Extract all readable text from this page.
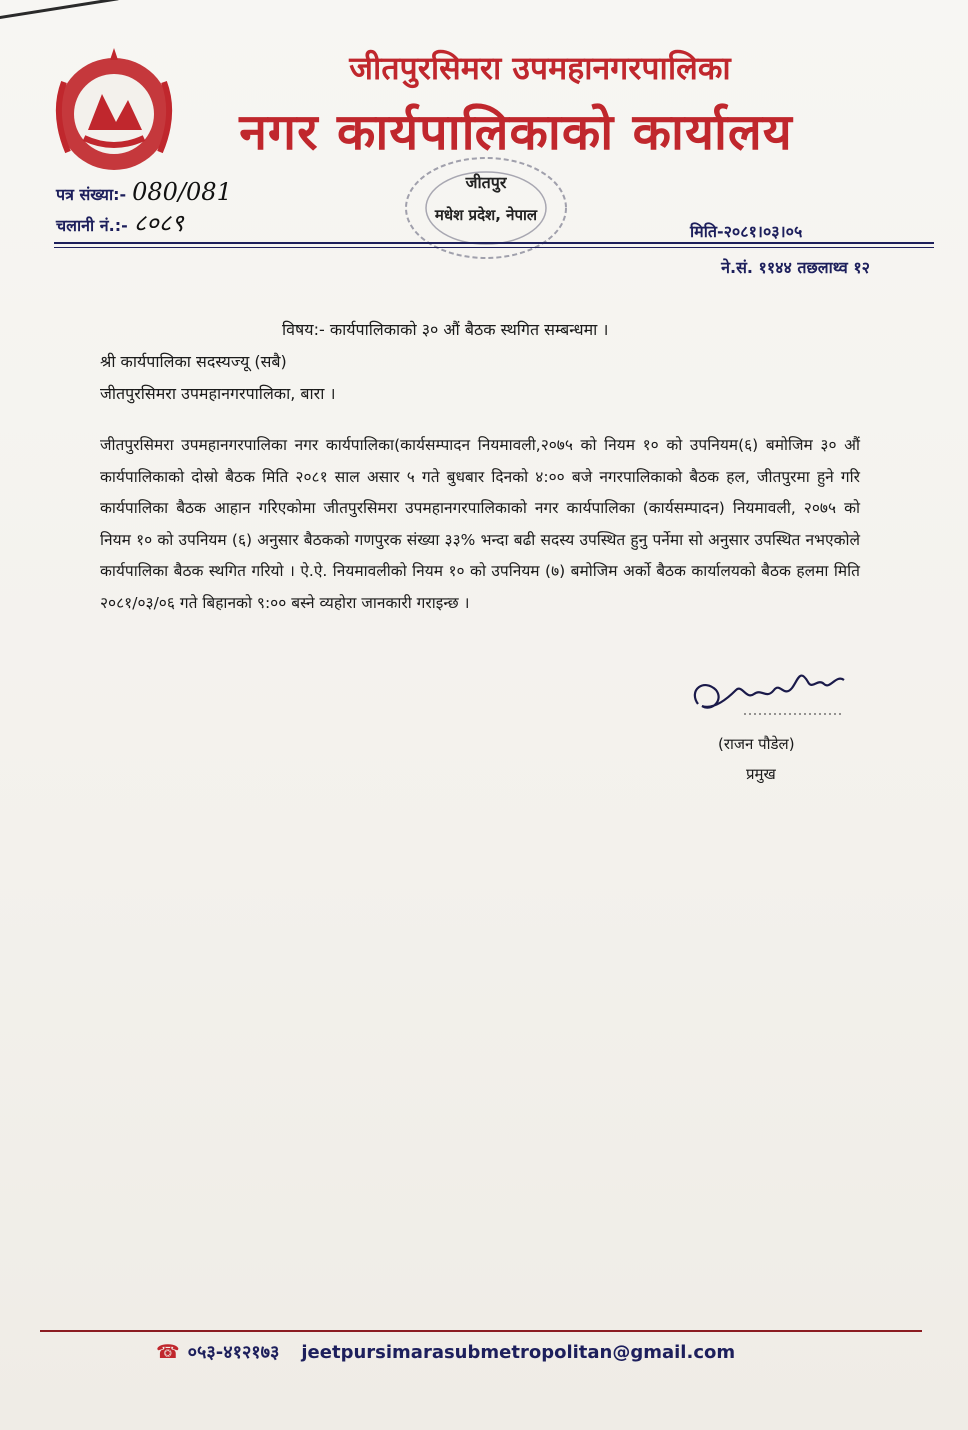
जीतपुरसिमरा उपमहानगरपालिका
नगर कार्यपालिकाको कार्यालय
पत्र संख्या:- 080/081
चलानी नं.:- ८०८९
जीतपुर
मधेश प्रदेश, नेपाल
मिति-२०८१।०३।०५
ने.सं. ११४४ तछलाथ्व १२
विषय:- कार्यपालिकाको ३० औं बैठक स्थगित सम्बन्धमा ।
श्री कार्यपालिका सदस्यज्यू (सबै)
जीतपुरसिमरा उपमहानगरपालिका, बारा ।
जीतपुरसिमरा उपमहानगरपालिका नगर कार्यपालिका(कार्यसम्पादन नियमावली,२०७५ को नियम १० को उपनियम(६) बमोजिम ३० औं कार्यपालिकाको दोस्रो बैठक मिति २०८१ साल असार ५ गते बुधबार दिनको ४:०० बजे नगरपालिकाको बैठक हल, जीतपुरमा हुने गरि कार्यपालिका बैठक आहान गरिएकोमा जीतपुरसिमरा उपमहानगरपालिकाको नगर कार्यपालिका (कार्यसम्पादन) नियमावली, २०७५ को नियम १० को उपनियम (६) अनुसार बैठकको गणपुरक संख्या ३३% भन्दा बढी सदस्य उपस्थित हुनु पर्नेमा सो अनुसार उपस्थित नभएकोले कार्यपालिका बैठक स्थगित गरियो । ऐ.ऐ. नियमावलीको नियम १० को उपनियम (७) बमोजिम अर्को बैठक कार्यालयको बैठक हलमा मिति २०८१/०३/०६ गते बिहानको ९:०० बस्ने व्यहोरा जानकारी गराइन्छ ।
(राजन पौडेल)
प्रमुख
☎ ०५३-४१२१७३ jeetpursimarasubmetropolitan@gmail.com
